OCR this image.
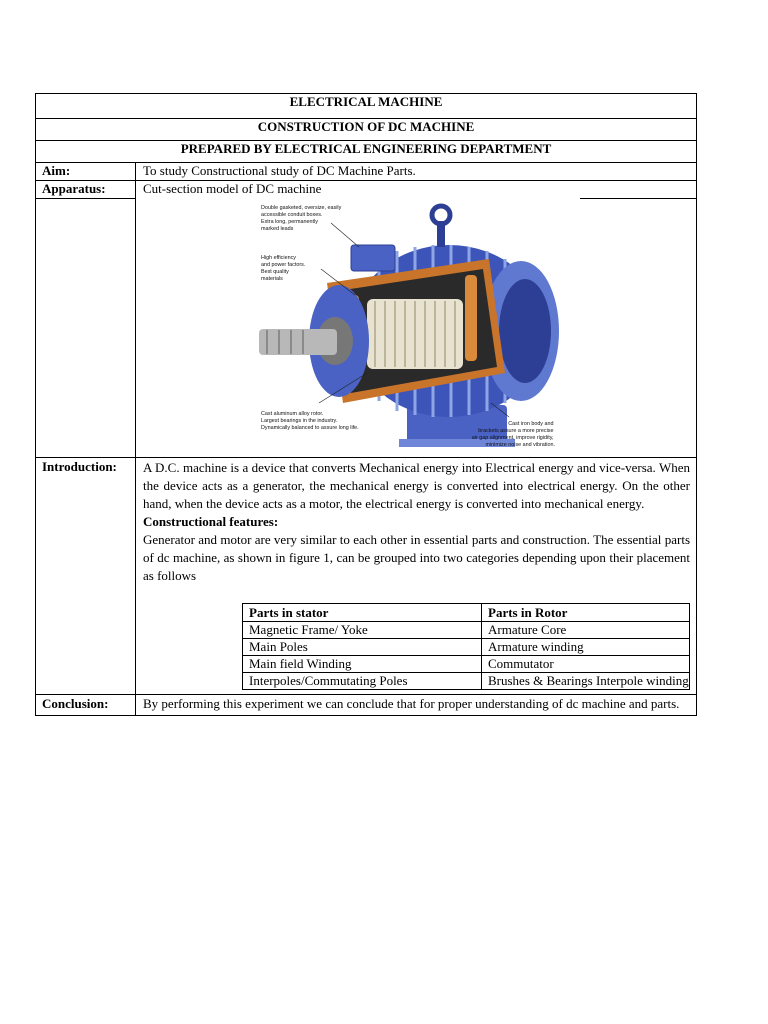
ELECTRICAL MACHINE
CONSTRUCTION OF DC MACHINE
PREPARED BY ELECTRICAL ENGINEERING DEPARTMENT
Aim:	To study Constructional study of DC Machine Parts.
Apparatus:	Cut-section model of DC machine

Double gasketed, oversize, easily accessible conduit boxes. Extra long, permanently marked leads
High efficiency and power factors. Best quality materials
Cast aluminum alloy rotor. Largest bearings in the industry. Dynamically balanced to assure long life.
Cast iron body and brackets assure a more precise air gap alignment, improve rigidity, minimize noise and vibration.

Introduction:	A D.C. machine is a device that converts Mechanical energy into Electrical energy and vice-versa. When the device acts as a generator, the mechanical energy is converted into electrical energy. On the other hand, when the device acts as a motor, the electrical energy is converted into mechanical energy.

Constructional features:

Generator and motor are very similar to each other in essential parts and construction. The essential parts of dc machine, as shown in figure 1, can be grouped into two categories depending upon their placement as follows

Parts in stator	Parts in Rotor
Magnetic Frame/ Yoke	Armature Core
Main Poles	Armature winding
Main field Winding	Commutator
Interpoles/Commutating Poles	Brushes & Bearings Interpole winding

Conclusion:	By performing this experiment we can conclude that for proper understanding of dc machine and parts.
